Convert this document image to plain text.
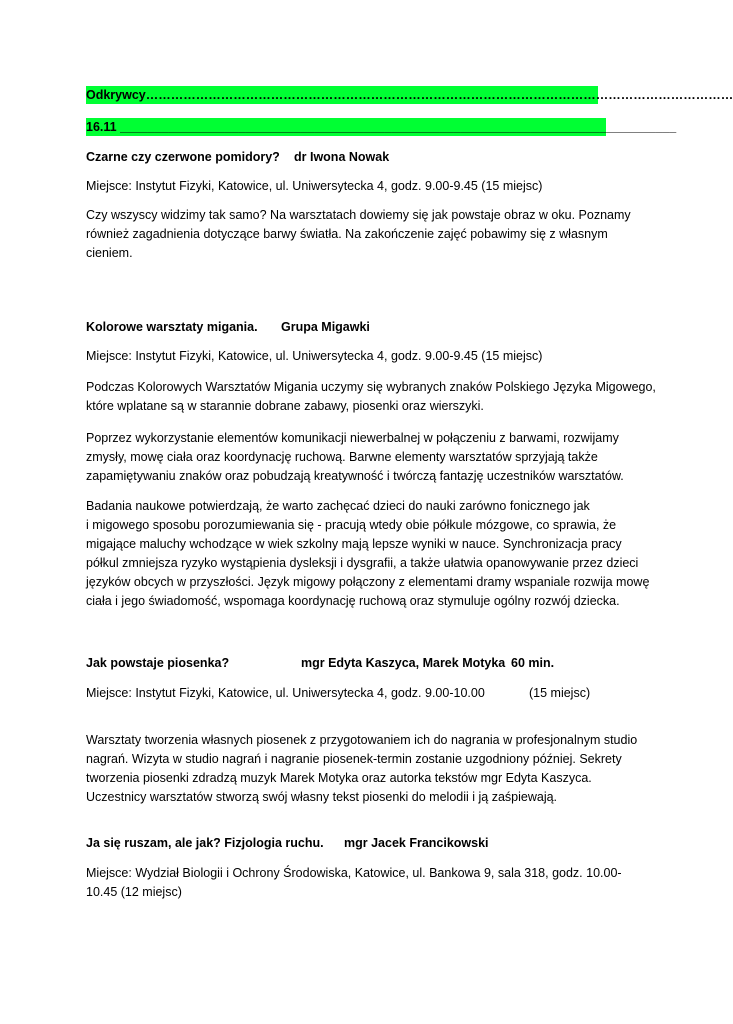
Odkrywcy……………………………………………………………………………………………………………………………
16.11 ________________________________________________________________________________
Czarne czy czerwone pomidory? dr Iwona Nowak
Miejsce: Instytut Fizyki, Katowice, ul. Uniwersytecka 4, godz. 9.00-9.45 (15 miejsc)
Czy wszyscy widzimy tak samo? Na warsztatach dowiemy się jak powstaje obraz w oku. Poznamy
również zagadnienia dotyczące barwy światła. Na zakończenie zajęć pobawimy się z własnym
cieniem.
Kolorowe warsztaty migania. Grupa Migawki
Miejsce: Instytut Fizyki, Katowice, ul. Uniwersytecka 4, godz. 9.00-9.45 (15 miejsc)
Podczas Kolorowych Warsztatów Migania uczymy się wybranych znaków Polskiego Języka Migowego,
które wplatane są w starannie dobrane zabawy, piosenki oraz wierszyki.
Poprzez wykorzystanie elementów komunikacji niewerbalnej w połączeniu z barwami, rozwijamy
zmysły, mowę ciała oraz koordynację ruchową. Barwne elementy warsztatów sprzyjają także
zapamiętywaniu znaków oraz pobudzają kreatywność i twórczą fantazję uczestników warsztatów.
Badania naukowe potwierdzają, że warto zachęcać dzieci do nauki zarówno fonicznego jak
i migowego sposobu porozumiewania się - pracują wtedy obie półkule mózgowe, co sprawia, że
migające maluchy wchodzące w wiek szkolny mają lepsze wyniki w nauce. Synchronizacja pracy
półkul zmniejsza ryzyko wystąpienia dysleksji i dysgrafii, a także ułatwia opanowywanie przez dzieci
języków obcych w przyszłości. Język migowy połączony z elementami dramy wspaniale rozwija mowę
ciała i jego świadomość, wspomaga koordynację ruchową oraz stymuluje ogólny rozwój dziecka.
Jak powstaje piosenka?	mgr Edyta Kaszyca, Marek Motyka 60 min.
Miejsce: Instytut Fizyki, Katowice, ul. Uniwersytecka 4, godz. 9.00-10.00	(15 miejsc)
Warsztaty tworzenia własnych piosenek z przygotowaniem ich do nagrania w profesjonalnym studio
nagrań. Wizyta w studio nagrań i nagranie piosenek-termin zostanie uzgodniony później. Sekrety
tworzenia piosenki zdradzą muzyk Marek Motyka oraz autorka tekstów mgr Edyta Kaszyca.
Uczestnicy warsztatów stworzą swój własny tekst piosenki do melodii i ją zaśpiewają.
Ja się ruszam, ale jak? Fizjologia ruchu. mgr Jacek Francikowski
Miejsce: Wydział Biologii i Ochrony Środowiska, Katowice, ul. Bankowa 9, sala 318, godz. 10.00-
10.45 (12 miejsc)
